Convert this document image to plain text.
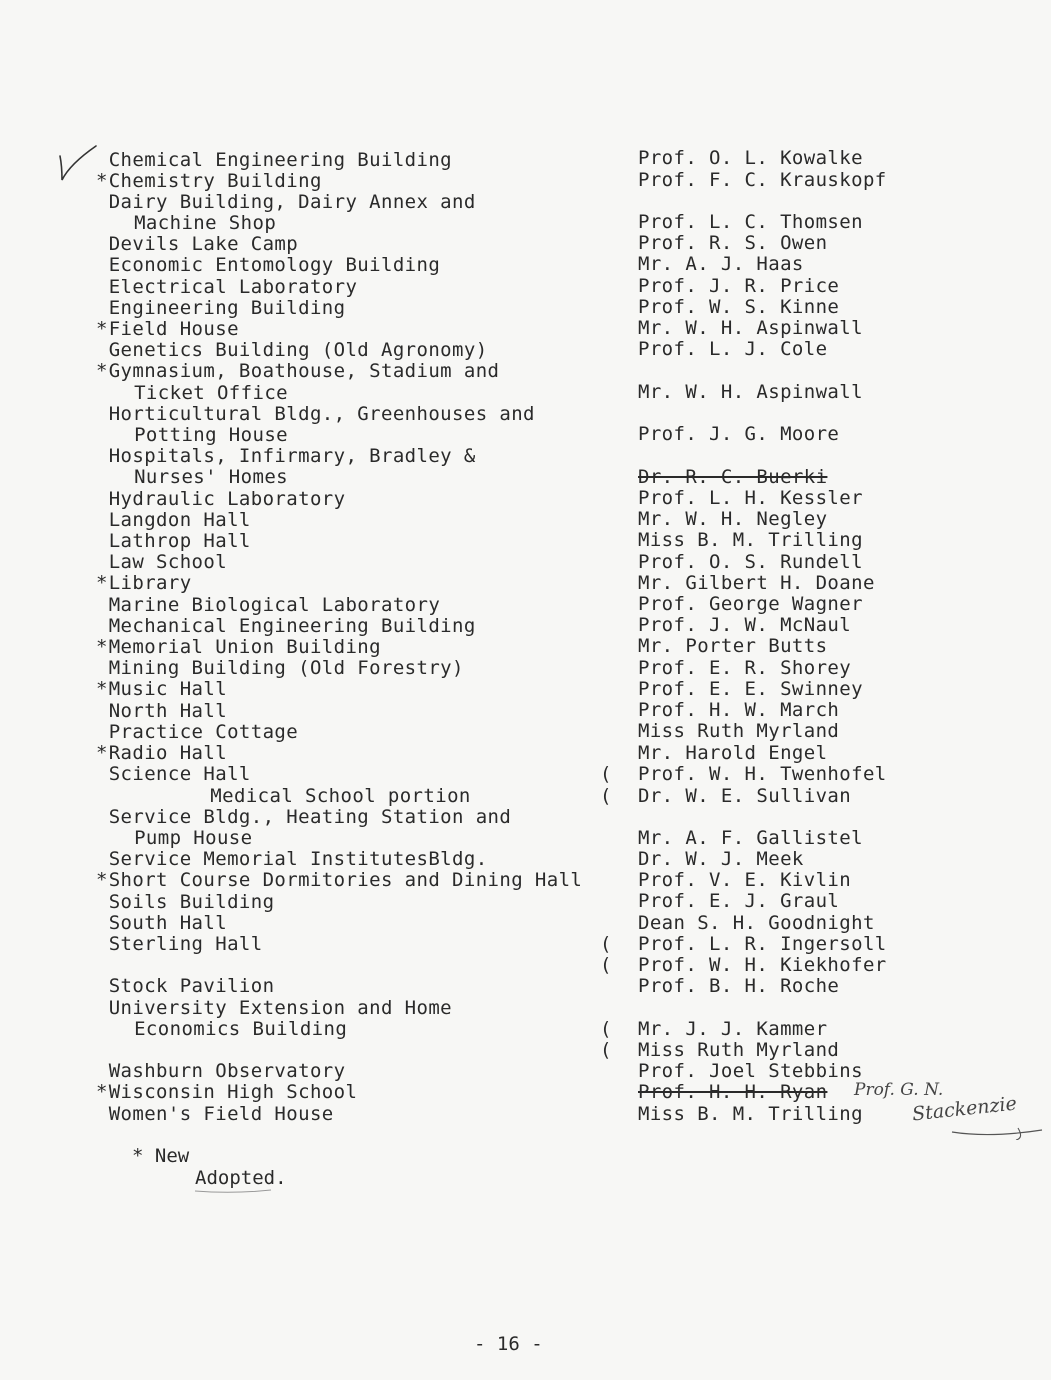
Chemical Engineering Building
Chemistry Building
*
Dairy Building, Dairy Annex and
Machine Shop
Devils Lake Camp
Economic Entomology Building
Electrical Laboratory
Engineering Building
Field House
*
Genetics Building (Old Agronomy)
Gymnasium, Boathouse, Stadium and
*
Ticket Office
Horticultural Bldg., Greenhouses and
Potting House
Hospitals, Infirmary, Bradley &
Nurses' Homes
Hydraulic Laboratory
Langdon Hall
Lathrop Hall
Law School
Library
*
Marine Biological Laboratory
Mechanical Engineering Building
Memorial Union Building
*
Mining Building (Old Forestry)
Music Hall
*
North Hall
Practice Cottage
Radio Hall
*
Science Hall
Medical School portion
Service Bldg., Heating Station and
Pump House
Service Memorial InstitutesBldg.
Short Course Dormitories and Dining Hall
*
Soils Building
South Hall
Sterling Hall
Stock Pavilion
University Extension and Home
Economics Building
Washburn Observatory
Wisconsin High School
*
Women's Field House
Prof. O. L. Kowalke
Prof. F. C. Krauskopf
Prof. L. C. Thomsen
Prof. R. S. Owen
Mr. A. J. Haas
Prof. J. R. Price
Prof. W. S. Kinne
Mr. W. H. Aspinwall
Prof. L. J. Cole
Mr. W. H. Aspinwall
Prof. J. G. Moore
Dr. R. C. Buerki
Prof. L. H. Kessler
Mr. W. H. Negley
Miss B. M. Trilling
Prof. O. S. Rundell
Mr. Gilbert H. Doane
Prof. George Wagner
Prof. J. W. McNaul
Mr. Porter Butts
Prof. E. R. Shorey
Prof. E. E. Swinney
Prof. H. W. March
Miss Ruth Myrland
Mr. Harold Engel
Prof. W. H. Twenhofel
Dr. W. E. Sullivan
Mr. A. F. Gallistel
Dr. W. J. Meek
Prof. V. E. Kivlin
Prof. E. J. Graul
Dean S. H. Goodnight
Prof. L. R. Ingersoll
Prof. W. H. Kiekhofer
Prof. B. H. Roche
Mr. J. J. Kammer
Miss Ruth Myrland
Prof. Joel Stebbins
Prof. H. H. Ryan
Miss B. M. Trilling
(
(
(
(
(
(
Prof. G. N.
Stackenzie
* New
Adopted.
- 16 -
